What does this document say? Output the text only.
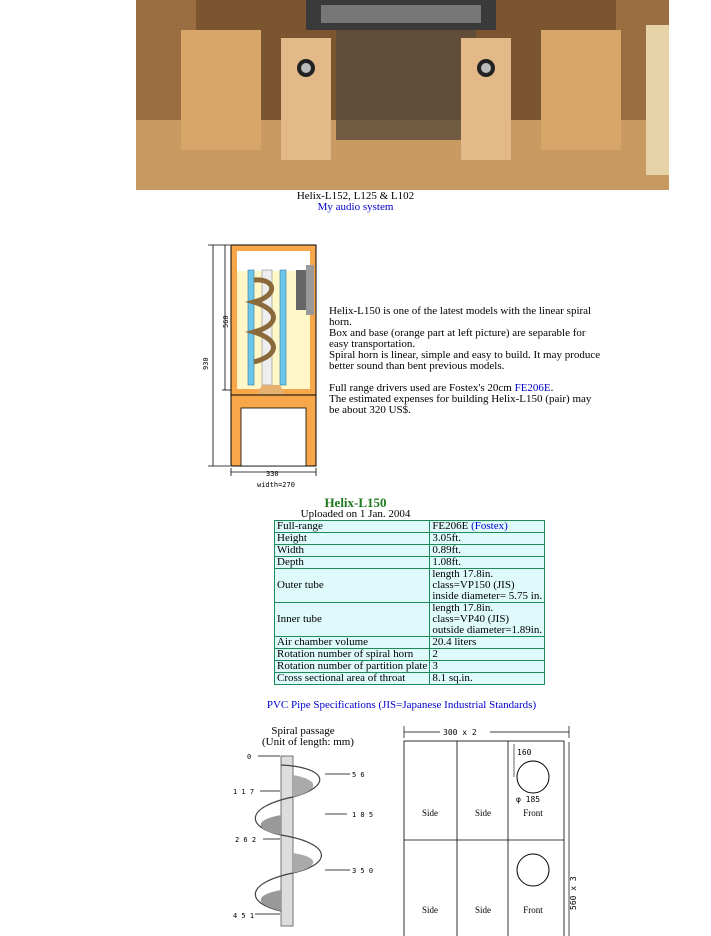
Helix-L152, L125 & L102
My audio system
930
560
330
width=270
Helix-L150 is one of the latest models with the linear spiral horn.
Box and base (orange part at left picture) are separable for easy transportation.
Spiral horn is linear, simple and easy to build. It may produce better sound than bent previous models.
Full range drivers used are Fostex's 20cm FE206E.
The estimated expenses for building Helix-L150 (pair) may be about 320 US$.
Helix-L150
Uploaded on 1 Jan. 2004
Full-range	FE206E (Fostex)
Height	3.05ft.
Width	0.89ft.
Depth	1.08ft.
Outer tube	length 17.8in.
class=VP150 (JIS)
inside diameter= 5.75 in.
Inner tube	length 17.8in.
class=VP40 (JIS)
outside diameter=1.89in.
Air chamber volume	20.4 liters
Rotation number of spiral horn	2
Rotation number of partition plate	3
Cross sectional area of throat	8.1 sq.in.
PVC Pipe Specifications (JIS=Japanese Industrial Standards)
Spiral passage
(Unit of length: mm)
0
1 1 7
2 6 2
4 5 1
5 6
1 8 5
3 5 0
300 x 2
560 x 3
160
φ 185
Side	Side	Front
Side	Side	Front
